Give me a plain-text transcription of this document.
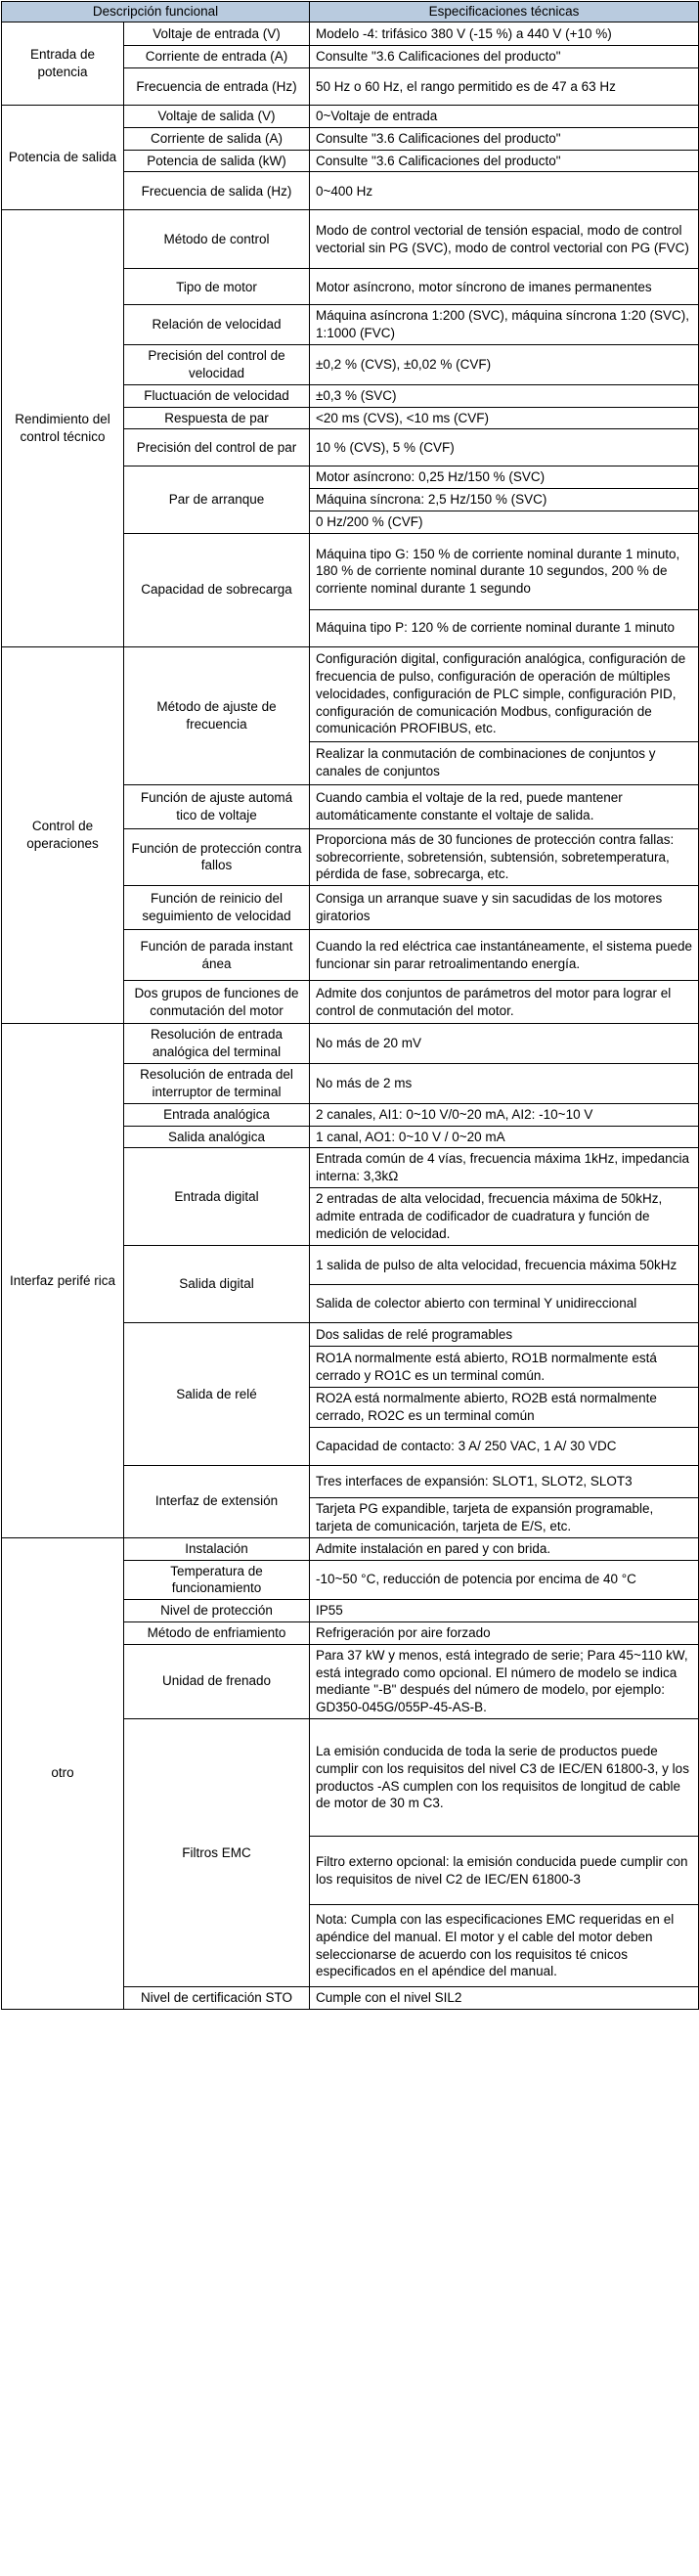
Descripción funcional		Especificaciones técnicas
Entrada de potencia	Voltaje de entrada (V)	Modelo -4: trifásico 380 V (-15 %) a 440 V (+10 %)
	Corriente de entrada (A)	Consulte "3.6 Calificaciones del producto"
	Frecuencia de entrada (Hz)	50 Hz o 60 Hz, el rango permitido es de 47 a 63 Hz
Potencia de salida	Voltaje de salida (V)	0~Voltaje de entrada
	Corriente de salida (A)	Consulte "3.6 Calificaciones del producto"
	Potencia de salida (kW)	Consulte "3.6 Calificaciones del producto"
	Frecuencia de salida (Hz)	0~400 Hz
Rendimiento del control técnico	Método de control	Modo de control vectorial de tensión espacial, modo de control vectorial sin PG (SVC), modo de control vectorial con PG (FVC)
	Tipo de motor	Motor asíncrono, motor síncrono de imanes permanentes
	Relación de velocidad	Máquina asíncrona 1:200 (SVC), máquina síncrona 1:20 (SVC), 1:1000 (FVC)
	Precisión del control de velocidad	±0,2 % (CVS), ±0,02 % (CVF)
	Fluctuación de velocidad	±0,3 % (SVC)
	Respuesta de par	<20 ms (CVS), <10 ms (CVF)
	Precisión del control de par	10 % (CVS), 5 % (CVF)
	Par de arranque	Motor asíncrono: 0,25 Hz/150 % (SVC)
		Máquina síncrona: 2,5 Hz/150 % (SVC)
		0 Hz/200 % (CVF)
	Capacidad de sobrecarga	Máquina tipo G: 150 % de corriente nominal durante 1 minuto, 180 % de corriente nominal durante 10 segundos, 200 % de corriente nominal durante 1 segundo
		Máquina tipo P: 120 % de corriente nominal durante 1 minuto
Control de operaciones	Método de ajuste de frecuencia	Configuración digital, configuración analógica, configuración de frecuencia de pulso, configuración de operación de múltiples velocidades, configuración de PLC simple, configuración PID, configuración de comunicación Modbus, configuración de comunicación PROFIBUS, etc.
		Realizar la conmutación de combinaciones de conjuntos y canales de conjuntos
	Función de ajuste automá tico de voltaje	Cuando cambia el voltaje de la red, puede mantener automáticamente constante el voltaje de salida.
	Función de protección contra fallos	Proporciona más de 30 funciones de protección contra fallas: sobrecorriente, sobretensión, subtensión, sobretemperatura, pérdida de fase, sobrecarga, etc.
	Función de reinicio del seguimiento de velocidad	Consiga un arranque suave y sin sacudidas de los motores giratorios
	Función de parada instant ánea	Cuando la red eléctrica cae instantáneamente, el sistema puede funcionar sin parar retroalimentando energía.
	Dos grupos de funciones de conmutación del motor	Admite dos conjuntos de parámetros del motor para lograr el control de conmutación del motor.
Interfaz perifé rica	Resolución de entrada analógica del terminal	No más de 20 mV
	Resolución de entrada del interruptor de terminal	No más de 2 ms
	Entrada analógica	2 canales, AI1: 0~10 V/0~20 mA, AI2: -10~10 V
	Salida analógica	1 canal, AO1: 0~10 V / 0~20 mA
	Entrada digital	Entrada común de 4 vías, frecuencia máxima 1kHz, impedancia interna: 3,3kΩ
		2 entradas de alta velocidad, frecuencia máxima de 50kHz, admite entrada de codificador de cuadratura y función de medición de velocidad.
	Salida digital	1 salida de pulso de alta velocidad, frecuencia máxima 50kHz
		Salida de colector abierto con terminal Y unidireccional
	Salida de relé	Dos salidas de relé programables
		RO1A normalmente está abierto, RO1B normalmente está cerrado y RO1C es un terminal común.
		RO2A está normalmente abierto, RO2B está normalmente cerrado, RO2C es un terminal común
		Capacidad de contacto: 3 A/ 250 VAC, 1 A/ 30 VDC
	Interfaz de extensión	Tres interfaces de expansión: SLOT1, SLOT2, SLOT3
		Tarjeta PG expandible, tarjeta de expansión programable, tarjeta de comunicación, tarjeta de E/S, etc.
otro	Instalación	Admite instalación en pared y con brida.
	Temperatura de funcionamiento	-10~50 °C, reducción de potencia por encima de 40 °C
	Nivel de protección	IP55
	Método de enfriamiento	Refrigeración por aire forzado
	Unidad de frenado	Para 37 kW y menos, está integrado de serie; Para 45~110 kW, está integrado como opcional. El número de modelo se indica mediante "-B" después del número de modelo, por ejemplo: GD350-045G/055P-45-AS-B.
	Filtros EMC	La emisión conducida de toda la serie de productos puede cumplir con los requisitos del nivel C3 de IEC/EN 61800-3, y los productos -AS cumplen con los requisitos de longitud de cable de motor de 30 m C3.
		Filtro externo opcional: la emisión conducida puede cumplir con los requisitos de nivel C2 de IEC/EN 61800-3
		Nota: Cumpla con las especificaciones EMC requeridas en el apéndice del manual. El motor y el cable del motor deben seleccionarse de acuerdo con los requisitos té cnicos especificados en el apéndice del manual.
	Nivel de certificación STO	Cumple con el nivel SIL2
